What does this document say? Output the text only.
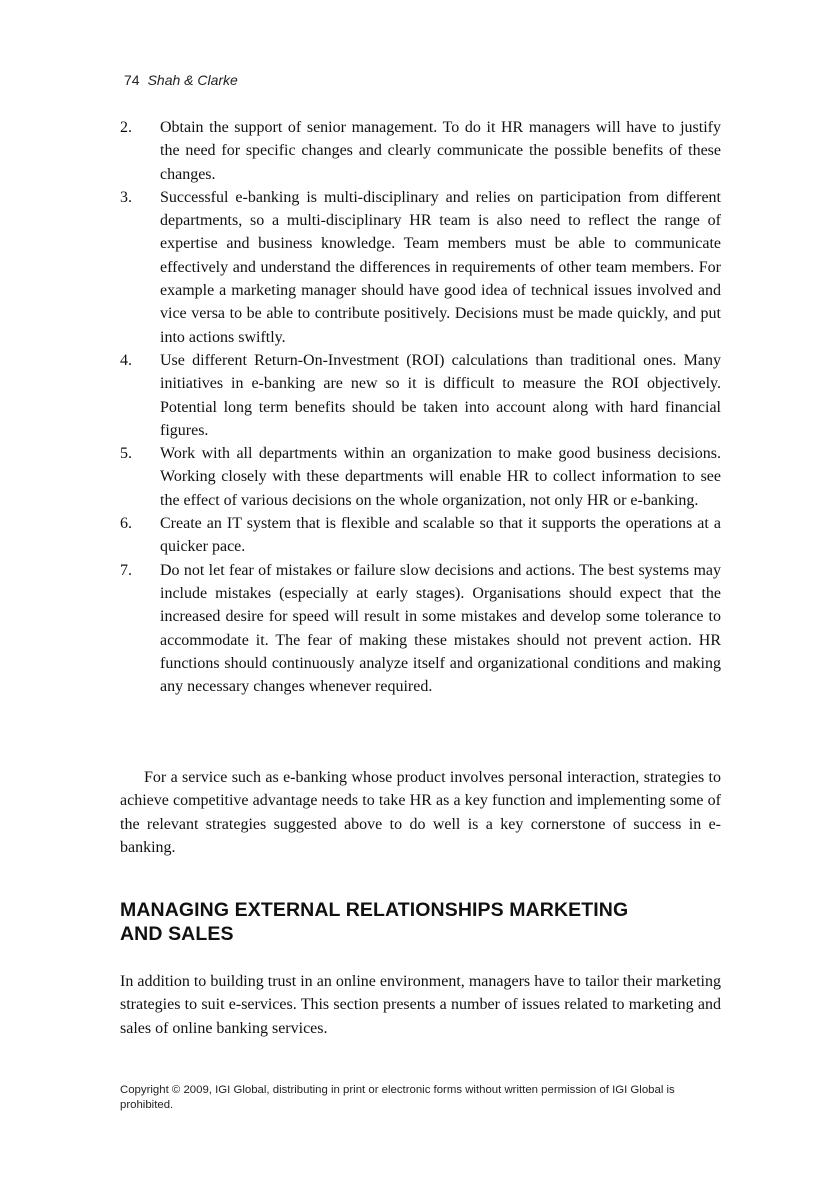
74 Shah & Clarke
2. Obtain the support of senior management. To do it HR managers will have to justify the need for specific changes and clearly communicate the possible benefits of these changes.
3. Successful e-banking is multi-disciplinary and relies on participation from different departments, so a multi-disciplinary HR team is also need to reflect the range of expertise and business knowledge. Team members must be able to communicate effectively and understand the differences in requirements of other team members. For example a marketing manager should have good idea of technical issues involved and vice versa to be able to contribute positively. Decisions must be made quickly, and put into actions swiftly.
4. Use different Return-On-Investment (ROI) calculations than traditional ones. Many initiatives in e-banking are new so it is difficult to measure the ROI objectively. Potential long term benefits should be taken into account along with hard financial figures.
5. Work with all departments within an organization to make good business decisions. Working closely with these departments will enable HR to collect information to see the effect of various decisions on the whole organization, not only HR or e-banking.
6. Create an IT system that is flexible and scalable so that it supports the operations at a quicker pace.
7. Do not let fear of mistakes or failure slow decisions and actions. The best systems may include mistakes (especially at early stages). Organisations should expect that the increased desire for speed will result in some mistakes and develop some tolerance to accommodate it. The fear of making these mistakes should not prevent action. HR functions should continuously analyze itself and organizational conditions and making any necessary changes whenever required.

For a service such as e-banking whose product involves personal interaction, strategies to achieve competitive advantage needs to take HR as a key function and implementing some of the relevant strategies suggested above to do well is a key cornerstone of success in e-banking.

MANAGING EXTERNAL RELATIONSHIPS MARKETING
AND SALES

In addition to building trust in an online environment, managers have to tailor their marketing strategies to suit e-services. This section presents a number of issues related to marketing and sales of online banking services.

Copyright © 2009, IGI Global, distributing in print or electronic forms without written permission of IGI Global is prohibited.
